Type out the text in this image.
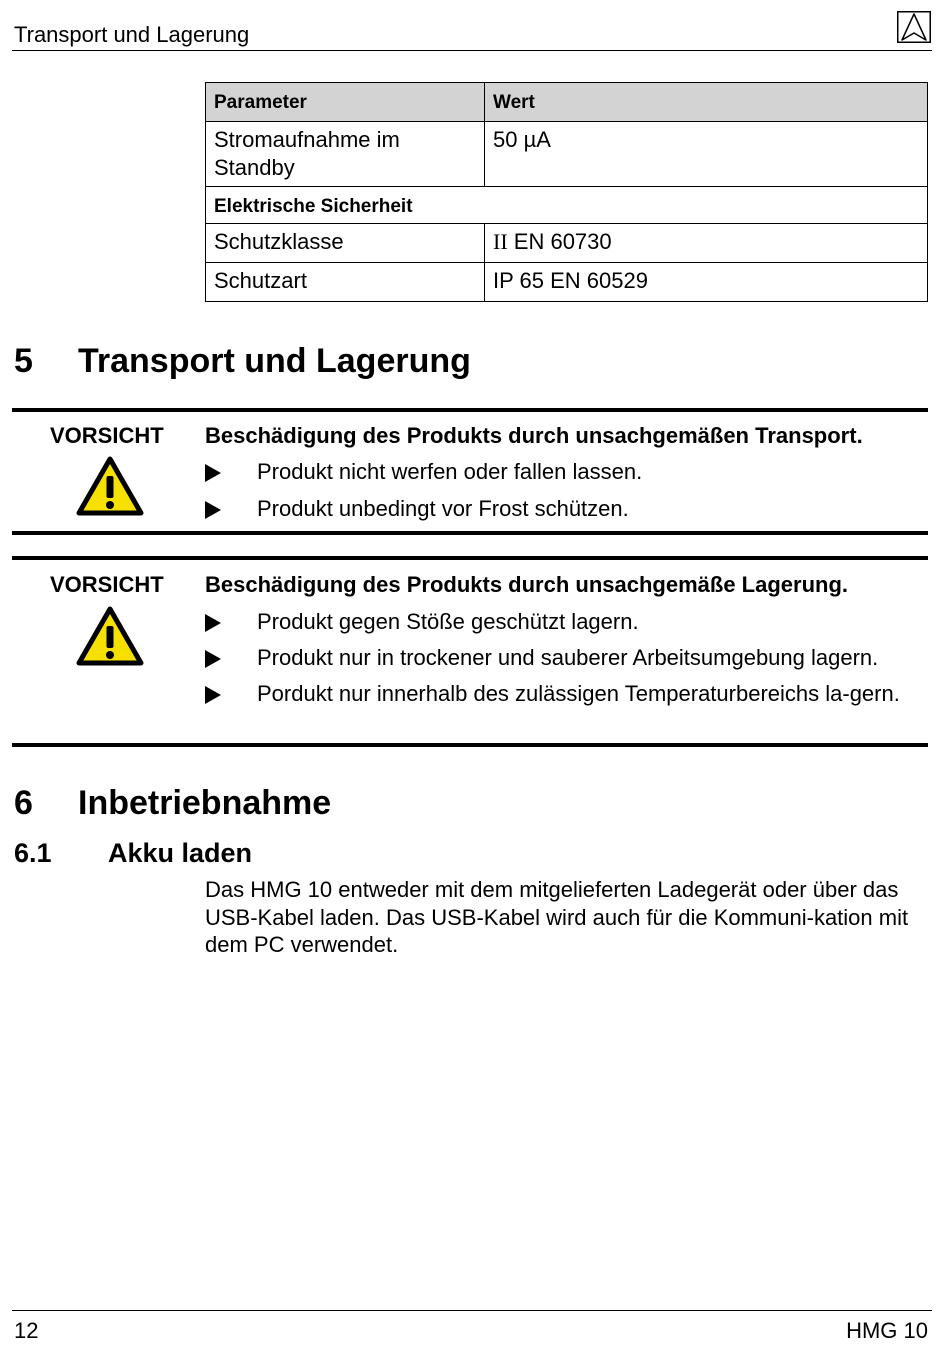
Transport und Lagerung
Parameter	Wert
Stromaufnahme im Standby	50 µA
Elektrische Sicherheit	
Schutzklasse	II EN 60730
Schutzart	IP 65 EN 60529
5 Transport und Lagerung
VORSICHT Beschädigung des Produkts durch unsachgemäßen Transport.
Produkt nicht werfen oder fallen lassen.
Produkt unbedingt vor Frost schützen.
VORSICHT Beschädigung des Produkts durch unsachgemäße Lagerung.
Produkt gegen Stöße geschützt lagern.
Produkt nur in trockener und sauberer Arbeitsumgebung lagern.
Pordukt nur innerhalb des zulässigen Temperaturbereichs la-gern.
6 Inbetriebnahme
6.1 Akku laden
Das HMG 10 entweder mit dem mitgelieferten Ladegerät oder über das USB-Kabel laden. Das USB-Kabel wird auch für die Kommuni-kation mit dem PC verwendet.
12	HMG 10
